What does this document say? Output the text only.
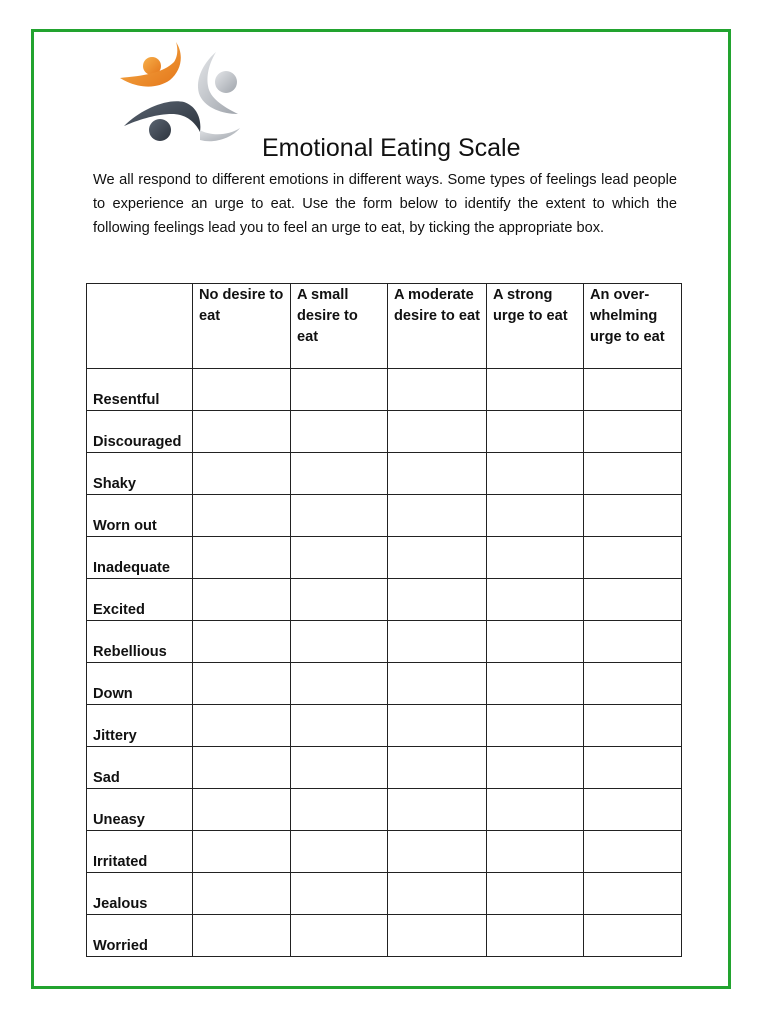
Emotional Eating Scale

We all respond to different emotions in different ways. Some types of feelings lead people to experience an urge to eat. Use the form below to identify the extent to which the following feelings lead you to feel an urge to eat, by ticking the appropriate box.

	No desire to eat	A small desire to eat	A moderate desire to eat	A strong urge to eat	An over-whelming urge to eat
Resentful					
Discouraged					
Shaky					
Worn out					
Inadequate					
Excited					
Rebellious					
Down					
Jittery					
Sad					
Uneasy					
Irritated					
Jealous					
Worried					
